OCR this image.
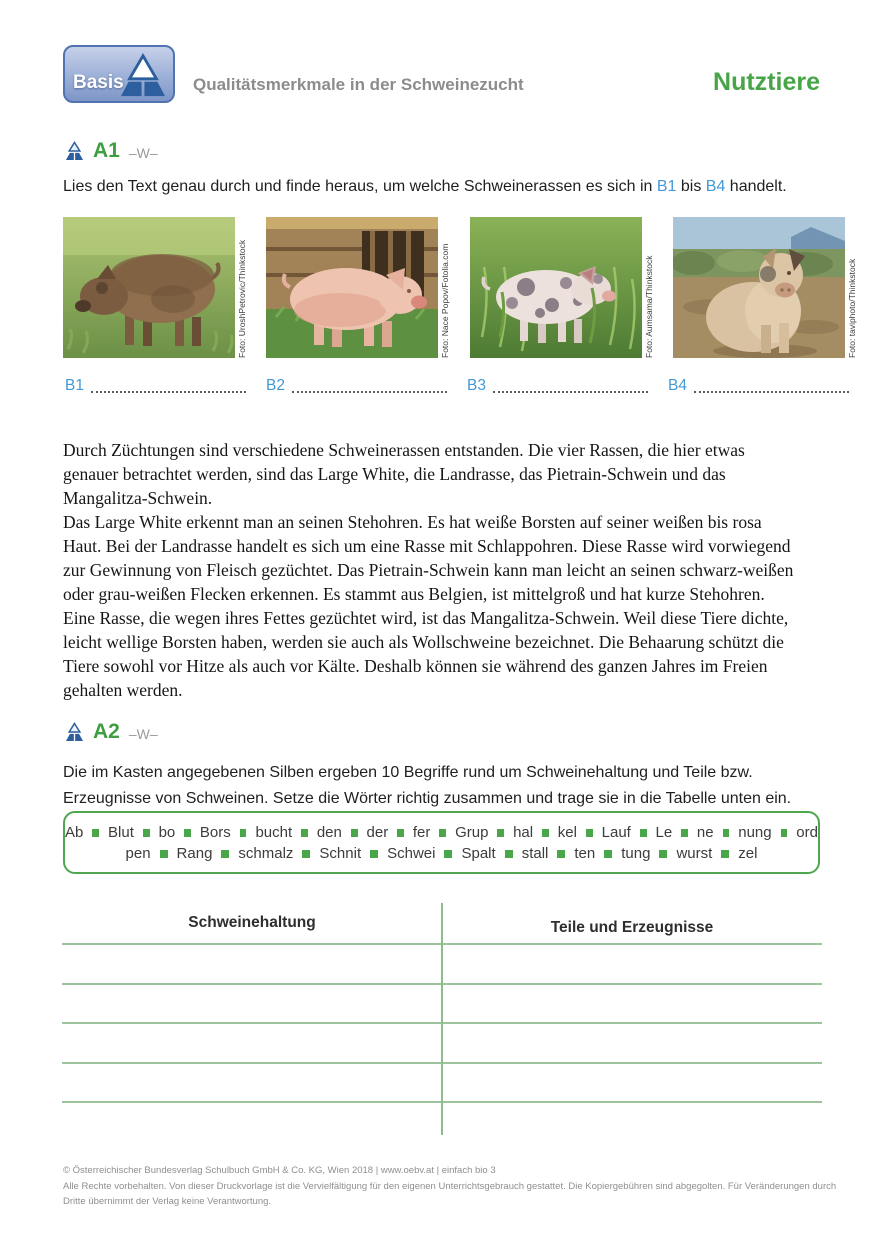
Basis	Qualitätsmerkmale in der Schweinezucht	Nutztiere
A1 –W–
Lies den Text genau durch und finde heraus, um welche Schweinerassen es sich in B1 bis B4 handelt.
Foto: UroshPetrovic/Thinkstock	Foto: Nace Popov/Fotolia.com	Foto: Aumsama/Thinkstock	Foto: taviphoto/Thinkstock
B1	B2	B3	B4
Durch Züchtungen sind verschiedene Schweinerassen entstanden. Die vier Rassen, die hier etwas
genauer betrachtet werden, sind das Large White, die Landrasse, das Pietrain-Schwein und das
Mangalitza-Schwein.
Das Large White erkennt man an seinen Stehohren. Es hat weiße Borsten auf seiner weißen bis rosa
Haut. Bei der Landrasse handelt es sich um eine Rasse mit Schlappohren. Diese Rasse wird vorwiegend
zur Gewinnung von Fleisch gezüchtet. Das Pietrain-Schwein kann man leicht an seinen schwarz-weißen
oder grau-weißen Flecken erkennen. Es stammt aus Belgien, ist mittelgroß und hat kurze Stehohren.
Eine Rasse, die wegen ihres Fettes gezüchtet wird, ist das Mangalitza-Schwein. Weil diese Tiere dichte,
leicht wellige Borsten haben, werden sie auch als Wollschweine bezeichnet. Die Behaarung schützt die
Tiere sowohl vor Hitze als auch vor Kälte. Deshalb können sie während des ganzen Jahres im Freien
gehalten werden.
A2 –W–
Die im Kasten angegebenen Silben ergeben 10 Begriffe rund um Schweinehaltung und Teile bzw.
Erzeugnisse von Schweinen. Setze die Wörter richtig zusammen und trage sie in die Tabelle unten ein.
Ab Blut bo Bors bucht den der fer Grup hal kel Lauf Le ne nung ord
pen Rang schmalz Schnit Schwei Spalt stall ten tung wurst zel
Schweinehaltung	Teile und Erzeugnisse
© Österreichischer Bundesverlag Schulbuch GmbH & Co. KG, Wien 2018 | www.oebv.at | einfach bio 3
Alle Rechte vorbehalten. Von dieser Druckvorlage ist die Vervielfältigung für den eigenen Unterrichtsgebrauch gestattet. Die Kopiergebühren sind abgegolten. Für Veränderungen durch
Dritte übernimmt der Verlag keine Verantwortung.
